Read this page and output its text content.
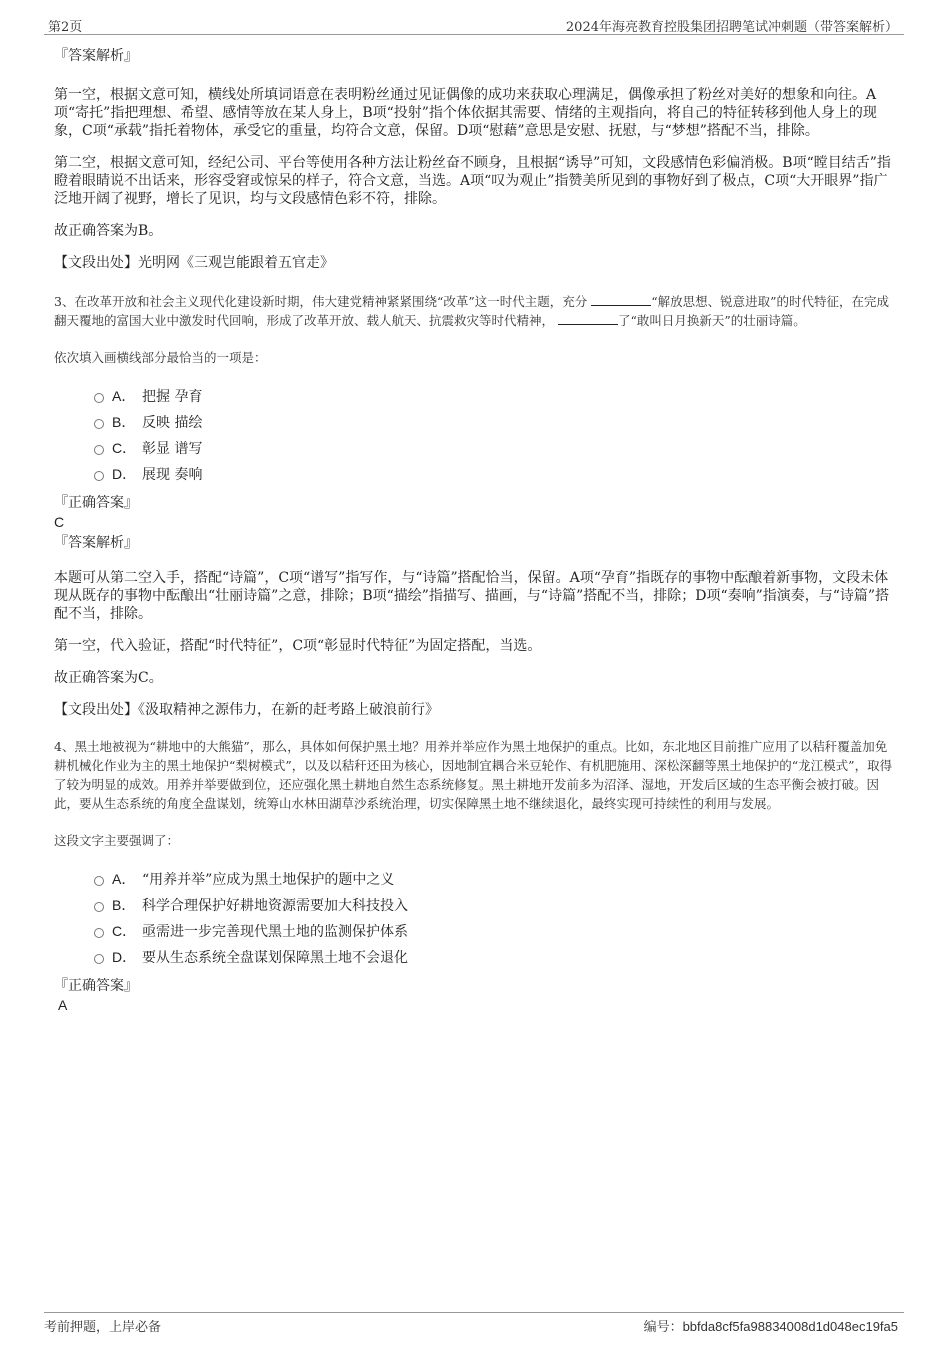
第2页	2024年海亮教育控股集团招聘笔试冲刺题（带答案解析）

『答案解析』

第一空，根据文意可知，横线处所填词语意在表明粉丝通过见证偶像的成功来获取心理满足，偶像承担了粉丝对美好的想象和向往。A项“寄托”指把理想、希望、感情等放在某人身上，B项“投射”指个体依据其需要、情绪的主观指向，将自己的特征转移到他人身上的现象，C项“承载”指托着物体，承受它的重量，均符合文意，保留。D项“慰藉”意思是安慰、抚慰，与“梦想”搭配不当，排除。

第二空，根据文意可知，经纪公司、平台等使用各种方法让粉丝奋不顾身，且根据“诱导”可知，文段感情色彩偏消极。B项“瞠目结舌”指瞪着眼睛说不出话来，形容受窘或惊呆的样子，符合文意，当选。A项“叹为观止”指赞美所见到的事物好到了极点，C项“大开眼界”指广泛地开阔了视野，增长了见识，均与文段感情色彩不符，排除。

故正确答案为B。

【文段出处】光明网《三观岂能跟着五官走》

3、在改革开放和社会主义现代化建设新时期，伟大建党精神紧紧围绕“改革”这一时代主题，充分	“解放思想、锐意进取”的时代特征，在完成翻天覆地的富国大业中激发时代回响，形成了改革开放、载人航天、抗震救灾等时代精神，	了“敢叫日月换新天”的壮丽诗篇。

依次填入画横线部分最恰当的一项是：

A． 把握 孕育
B． 反映 描绘
C． 彰显 谱写
D． 展现 奏响

『正确答案』

C

『答案解析』

本题可从第二空入手，搭配“诗篇”，C项“谱写”指写作，与“诗篇”搭配恰当，保留。A项“孕育”指既存的事物中酝酿着新事物，文段未体现从既存的事物中酝酿出“壮丽诗篇”之意，排除；B项“描绘”指描写、描画，与“诗篇”搭配不当，排除；D项“奏响”指演奏，与“诗篇”搭配不当，排除。

第一空，代入验证，搭配“时代特征”，C项“彰显时代特征”为固定搭配，当选。

故正确答案为C。

【文段出处】《汲取精神之源伟力，在新的赶考路上破浪前行》

4、黑土地被视为“耕地中的大熊猫”，那么，具体如何保护黑土地？用养并举应作为黑土地保护的重点。比如，东北地区目前推广应用了以秸秆覆盖加免耕机械化作业为主的黑土地保护“梨树模式”，以及以秸秆还田为核心，因地制宜耦合米豆轮作、有机肥施用、深松深翻等黑土地保护的“龙江模式”，取得了较为明显的成效。用养并举要做到位，还应强化黑土耕地自然生态系统修复。黑土耕地开发前多为沼泽、湿地，开发后区域的生态平衡会被打破。因此，要从生态系统的角度全盘谋划，统筹山水林田湖草沙系统治理，切实保障黑土地不继续退化，最终实现可持续性的利用与发展。

这段文字主要强调了：

A． “用养并举”应成为黑土地保护的题中之义
B． 科学合理保护好耕地资源需要加大科技投入
C． 亟需进一步完善现代黑土地的监测保护体系
D． 要从生态系统全盘谋划保障黑土地不会退化

『正确答案』

A

考前押题，上岸必备	编号：bbfda8cf5fa98834008d1d048ec19fa5
